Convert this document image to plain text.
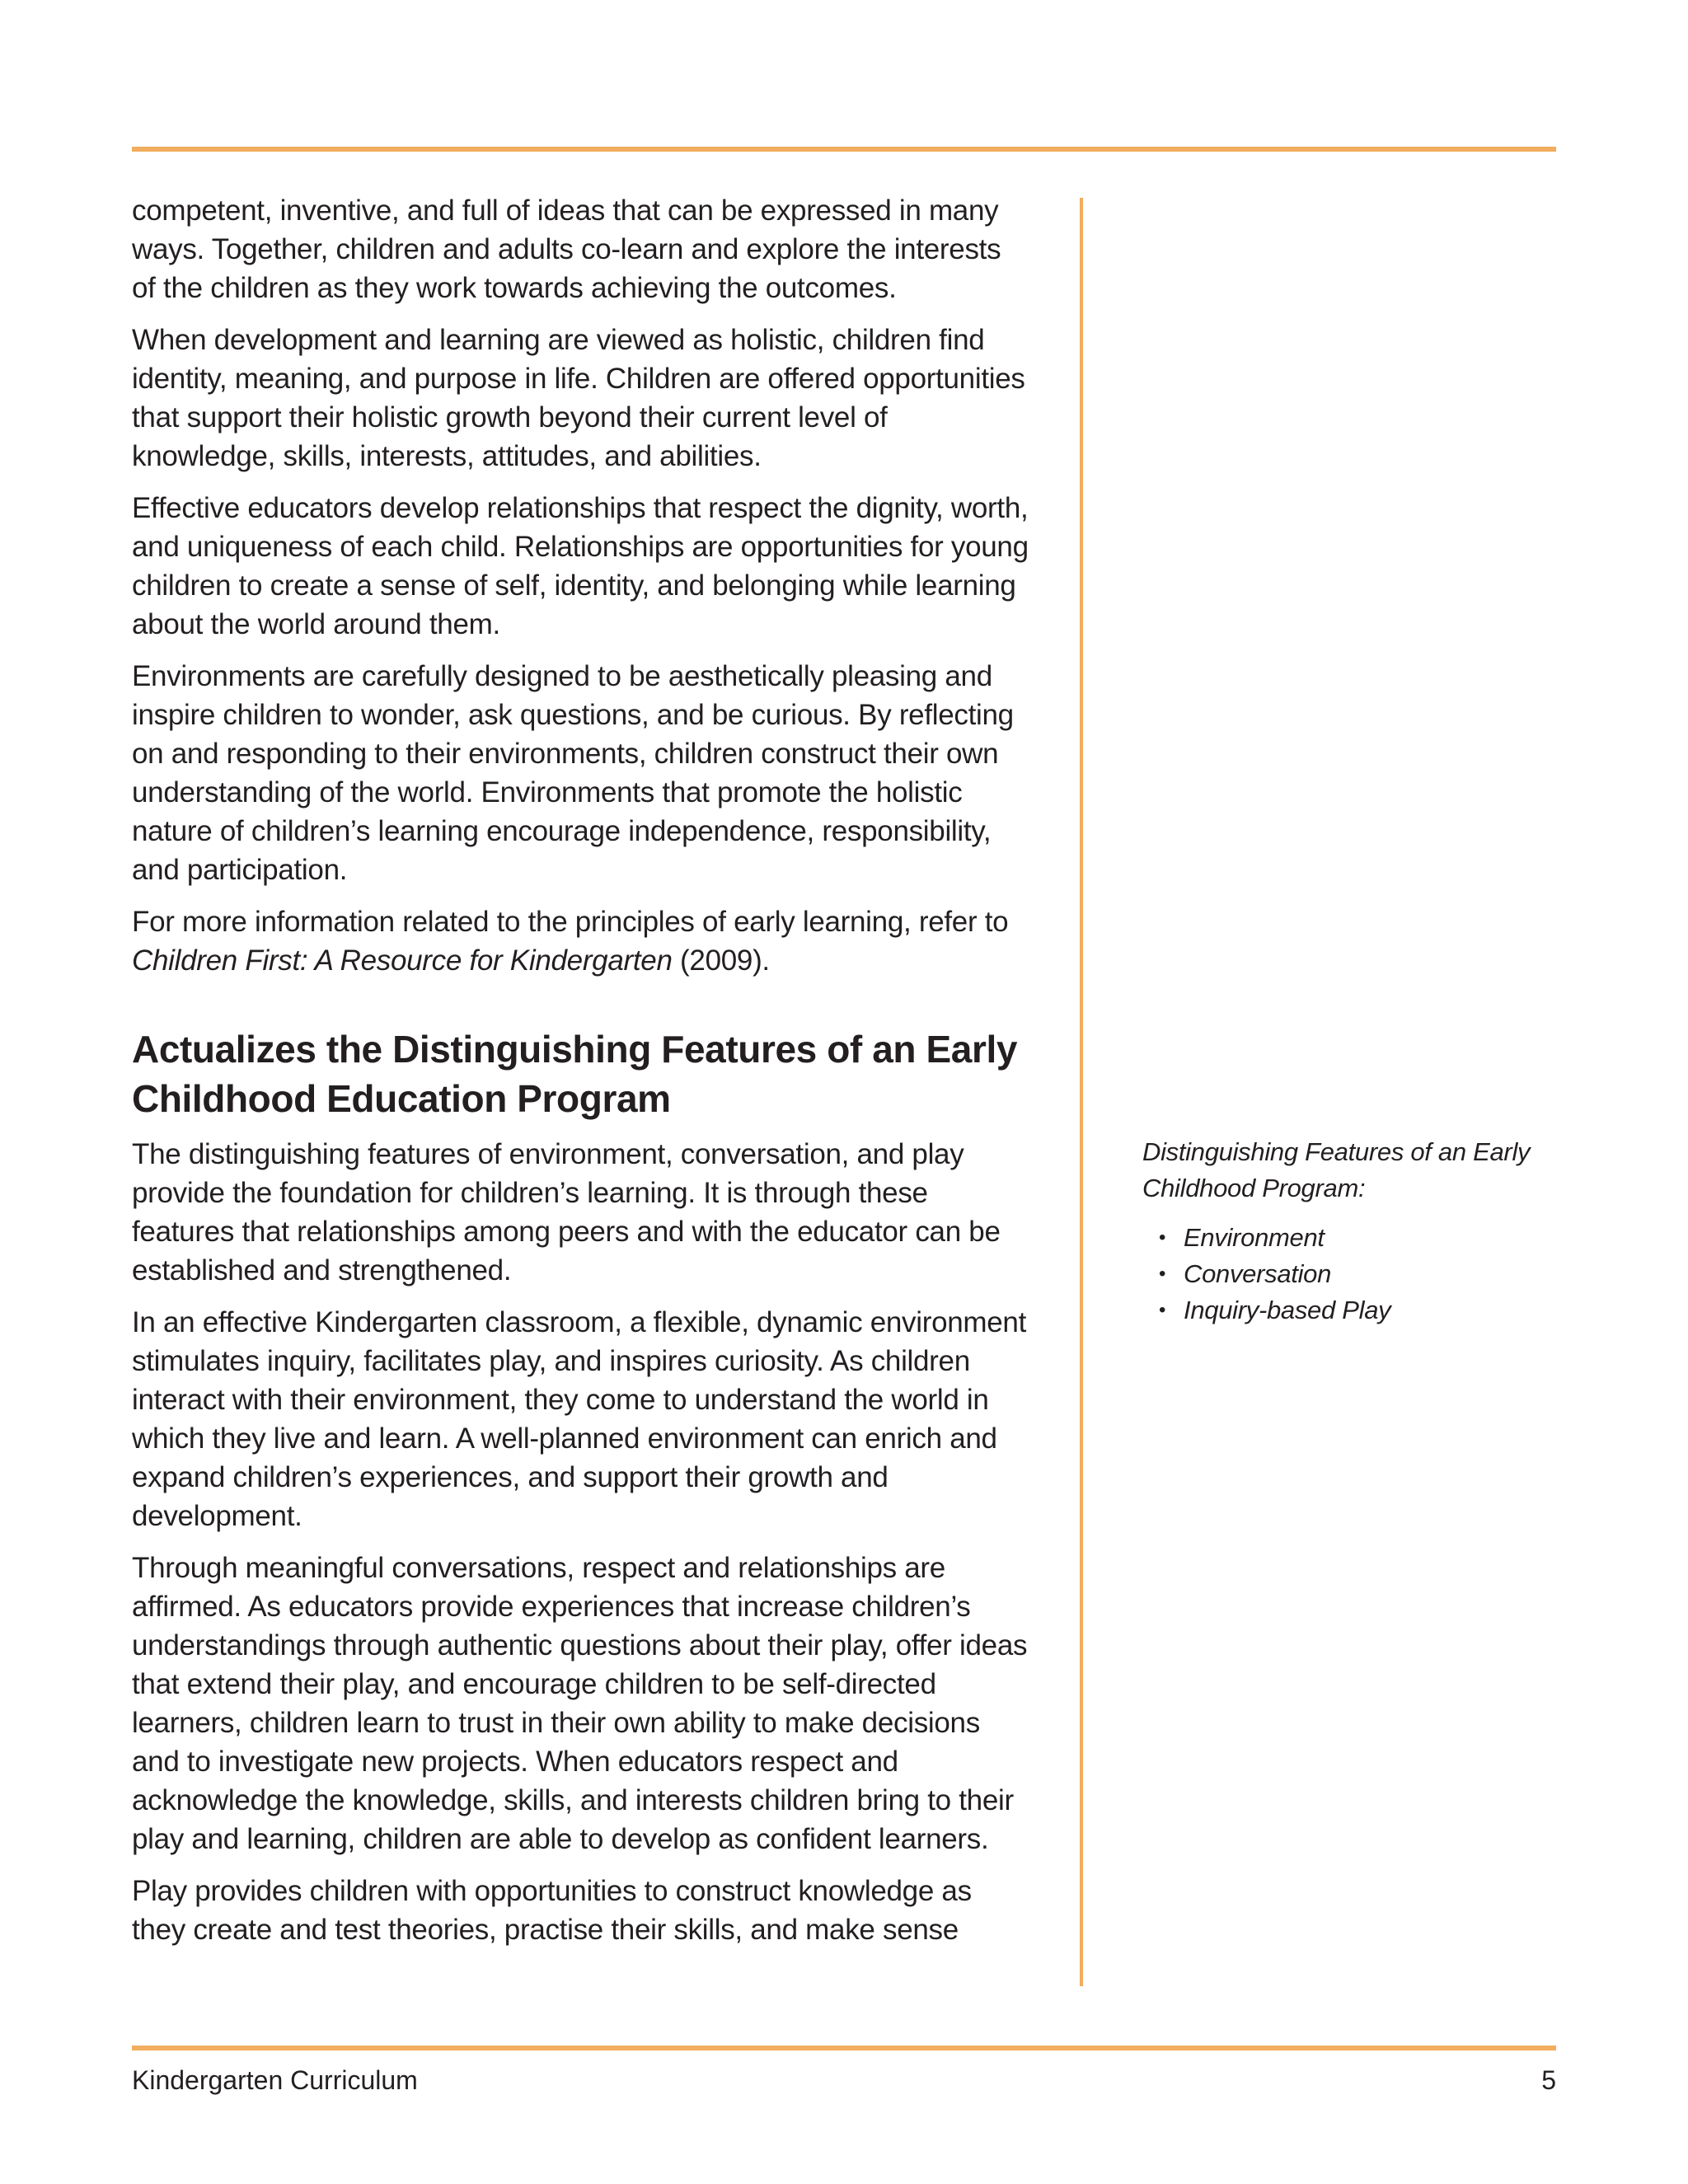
competent, inventive, and full of ideas that can be expressed in many ways. Together, children and adults co-learn and explore the interests of the children as they work towards achieving the outcomes.

When development and learning are viewed as holistic, children find identity, meaning, and purpose in life. Children are offered opportunities that support their holistic growth beyond their current level of knowledge, skills, interests, attitudes, and abilities.

Effective educators develop relationships that respect the dignity, worth, and uniqueness of each child. Relationships are opportunities for young children to create a sense of self, identity, and belonging while learning about the world around them.

Environments are carefully designed to be aesthetically pleasing and inspire children to wonder, ask questions, and be curious. By reflecting on and responding to their environments, children construct their own understanding of the world. Environments that promote the holistic nature of children’s learning encourage independence, responsibility, and participation.

For more information related to the principles of early learning, refer to Children First: A Resource for Kindergarten (2009).

Actualizes the Distinguishing Features of an Early Childhood Education Program

The distinguishing features of environment, conversation, and play provide the foundation for children’s learning. It is through these features that relationships among peers and with the educator can be established and strengthened.

In an effective Kindergarten classroom, a flexible, dynamic environment stimulates inquiry, facilitates play, and inspires curiosity. As children interact with their environment, they come to understand the world in which they live and learn. A well-planned environment can enrich and expand children’s experiences, and support their growth and development.

Through meaningful conversations, respect and relationships are affirmed. As educators provide experiences that increase children’s understandings through authentic questions about their play, offer ideas that extend their play, and encourage children to be self-directed learners, children learn to trust in their own ability to make decisions and to investigate new projects. When educators respect and acknowledge the knowledge, skills, and interests children bring to their play and learning, children are able to develop as confident learners.

Play provides children with opportunities to construct knowledge as they create and test theories, practise their skills, and make sense

Distinguishing Features of an Early Childhood Program:
• Environment
• Conversation
• Inquiry-based Play
Kindergarten Curriculum	5
